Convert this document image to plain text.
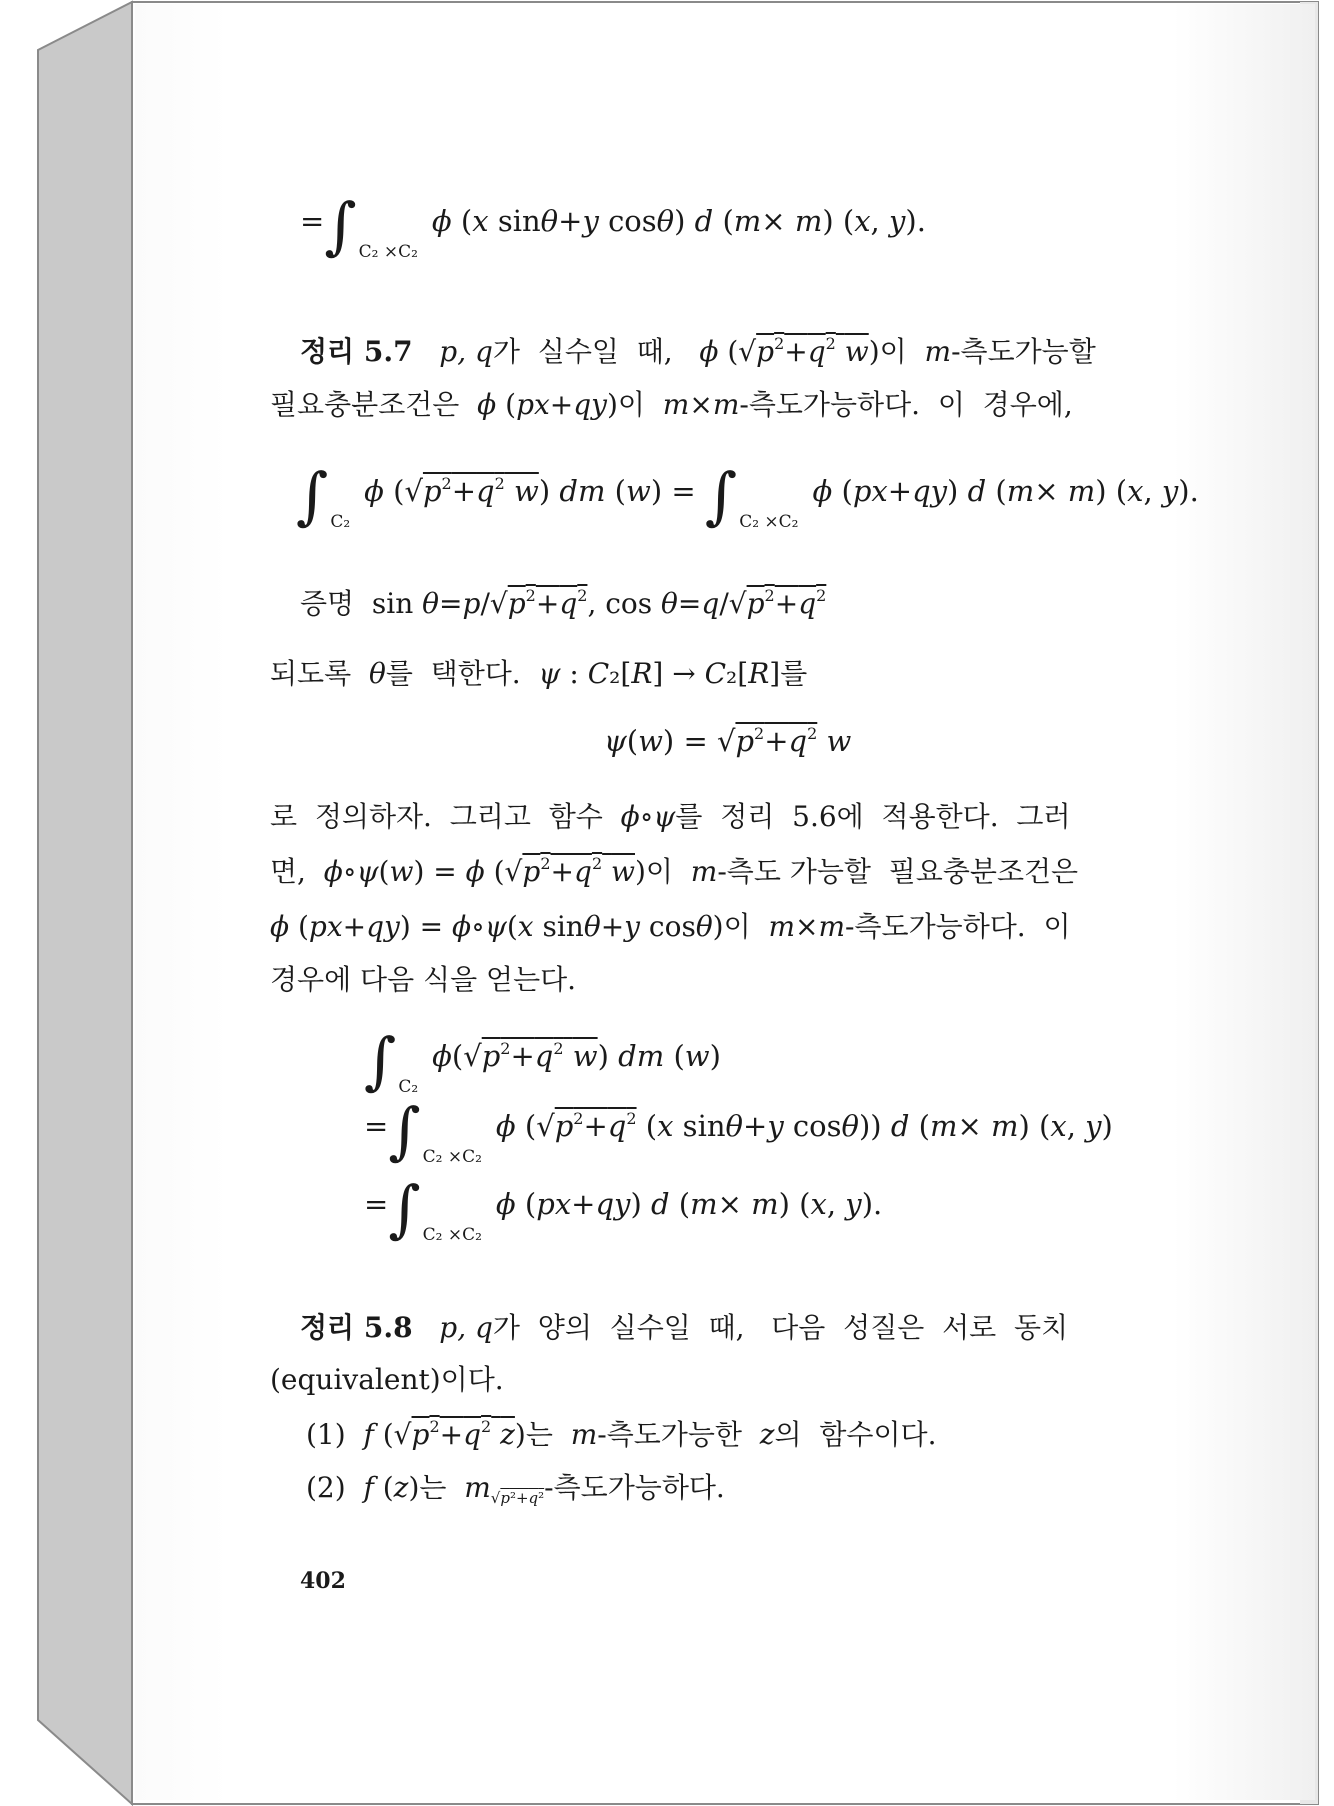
=∫ $_{C_2 \times C_2}$ϕ (x sinθ+y cosθ) d (m× m) (x, y).
정리 5.7 p, q가  실수일  때,   ϕ ($√p^2+q^2$ w)이  m-측도가능할
필요충분조건은  ϕ (px+qy)이  m×m-측도가능하다.  이  경우에,
∫ $_{C_2}$ϕ ($√p^2+q^2$ w) dm (w) = ∫ $_{C_2 \times C_2}$ϕ (px+qy) d (m× m) (x, y).
증명  $\sin \theta=p/√p^2+q^2$, $\cos \theta=q/√p^2+q^2$
되도록  θ를  택한다.  ψ : C₂[R] → C₂[R]를
$\psi(w) = √p^2+q^2$ w
로  정의하자.  그리고  함수  ϕ∘ψ를  정리  5.6에  적용한다.  그러
면,  ϕ∘ψ(w) = ϕ ($√p^2+q^2$ w)이  m-측도 가능할  필요충분조건은
ϕ (px+qy) = ϕ∘ψ(x sinθ+y cosθ)이  m×m-측도가능하다.  이
경우에 다음 식을 얻는다.
∫ $_{C_2}\phi(√p^2+q^2$ w) dm (w)
=∫ $_{C_2 \times C_2}$ϕ ($√p^2+q^2$ (x sinθ+y cosθ)) d (m× m) (x, y)
=∫ $_{C_2 \times C_2}$ϕ (px+qy) d (m× m) (x, y).
정리 5.8 p, q가  양의  실수일  때,   다음  성질은  서로  동치
(equivalent)이다.
(1)  f ($√p^2+q^2$ z)는  m-측도가능한  z의  함수이다.
(2)  f (z)는  $m_{√p^2+q^2}-$측도가능하다.
402
